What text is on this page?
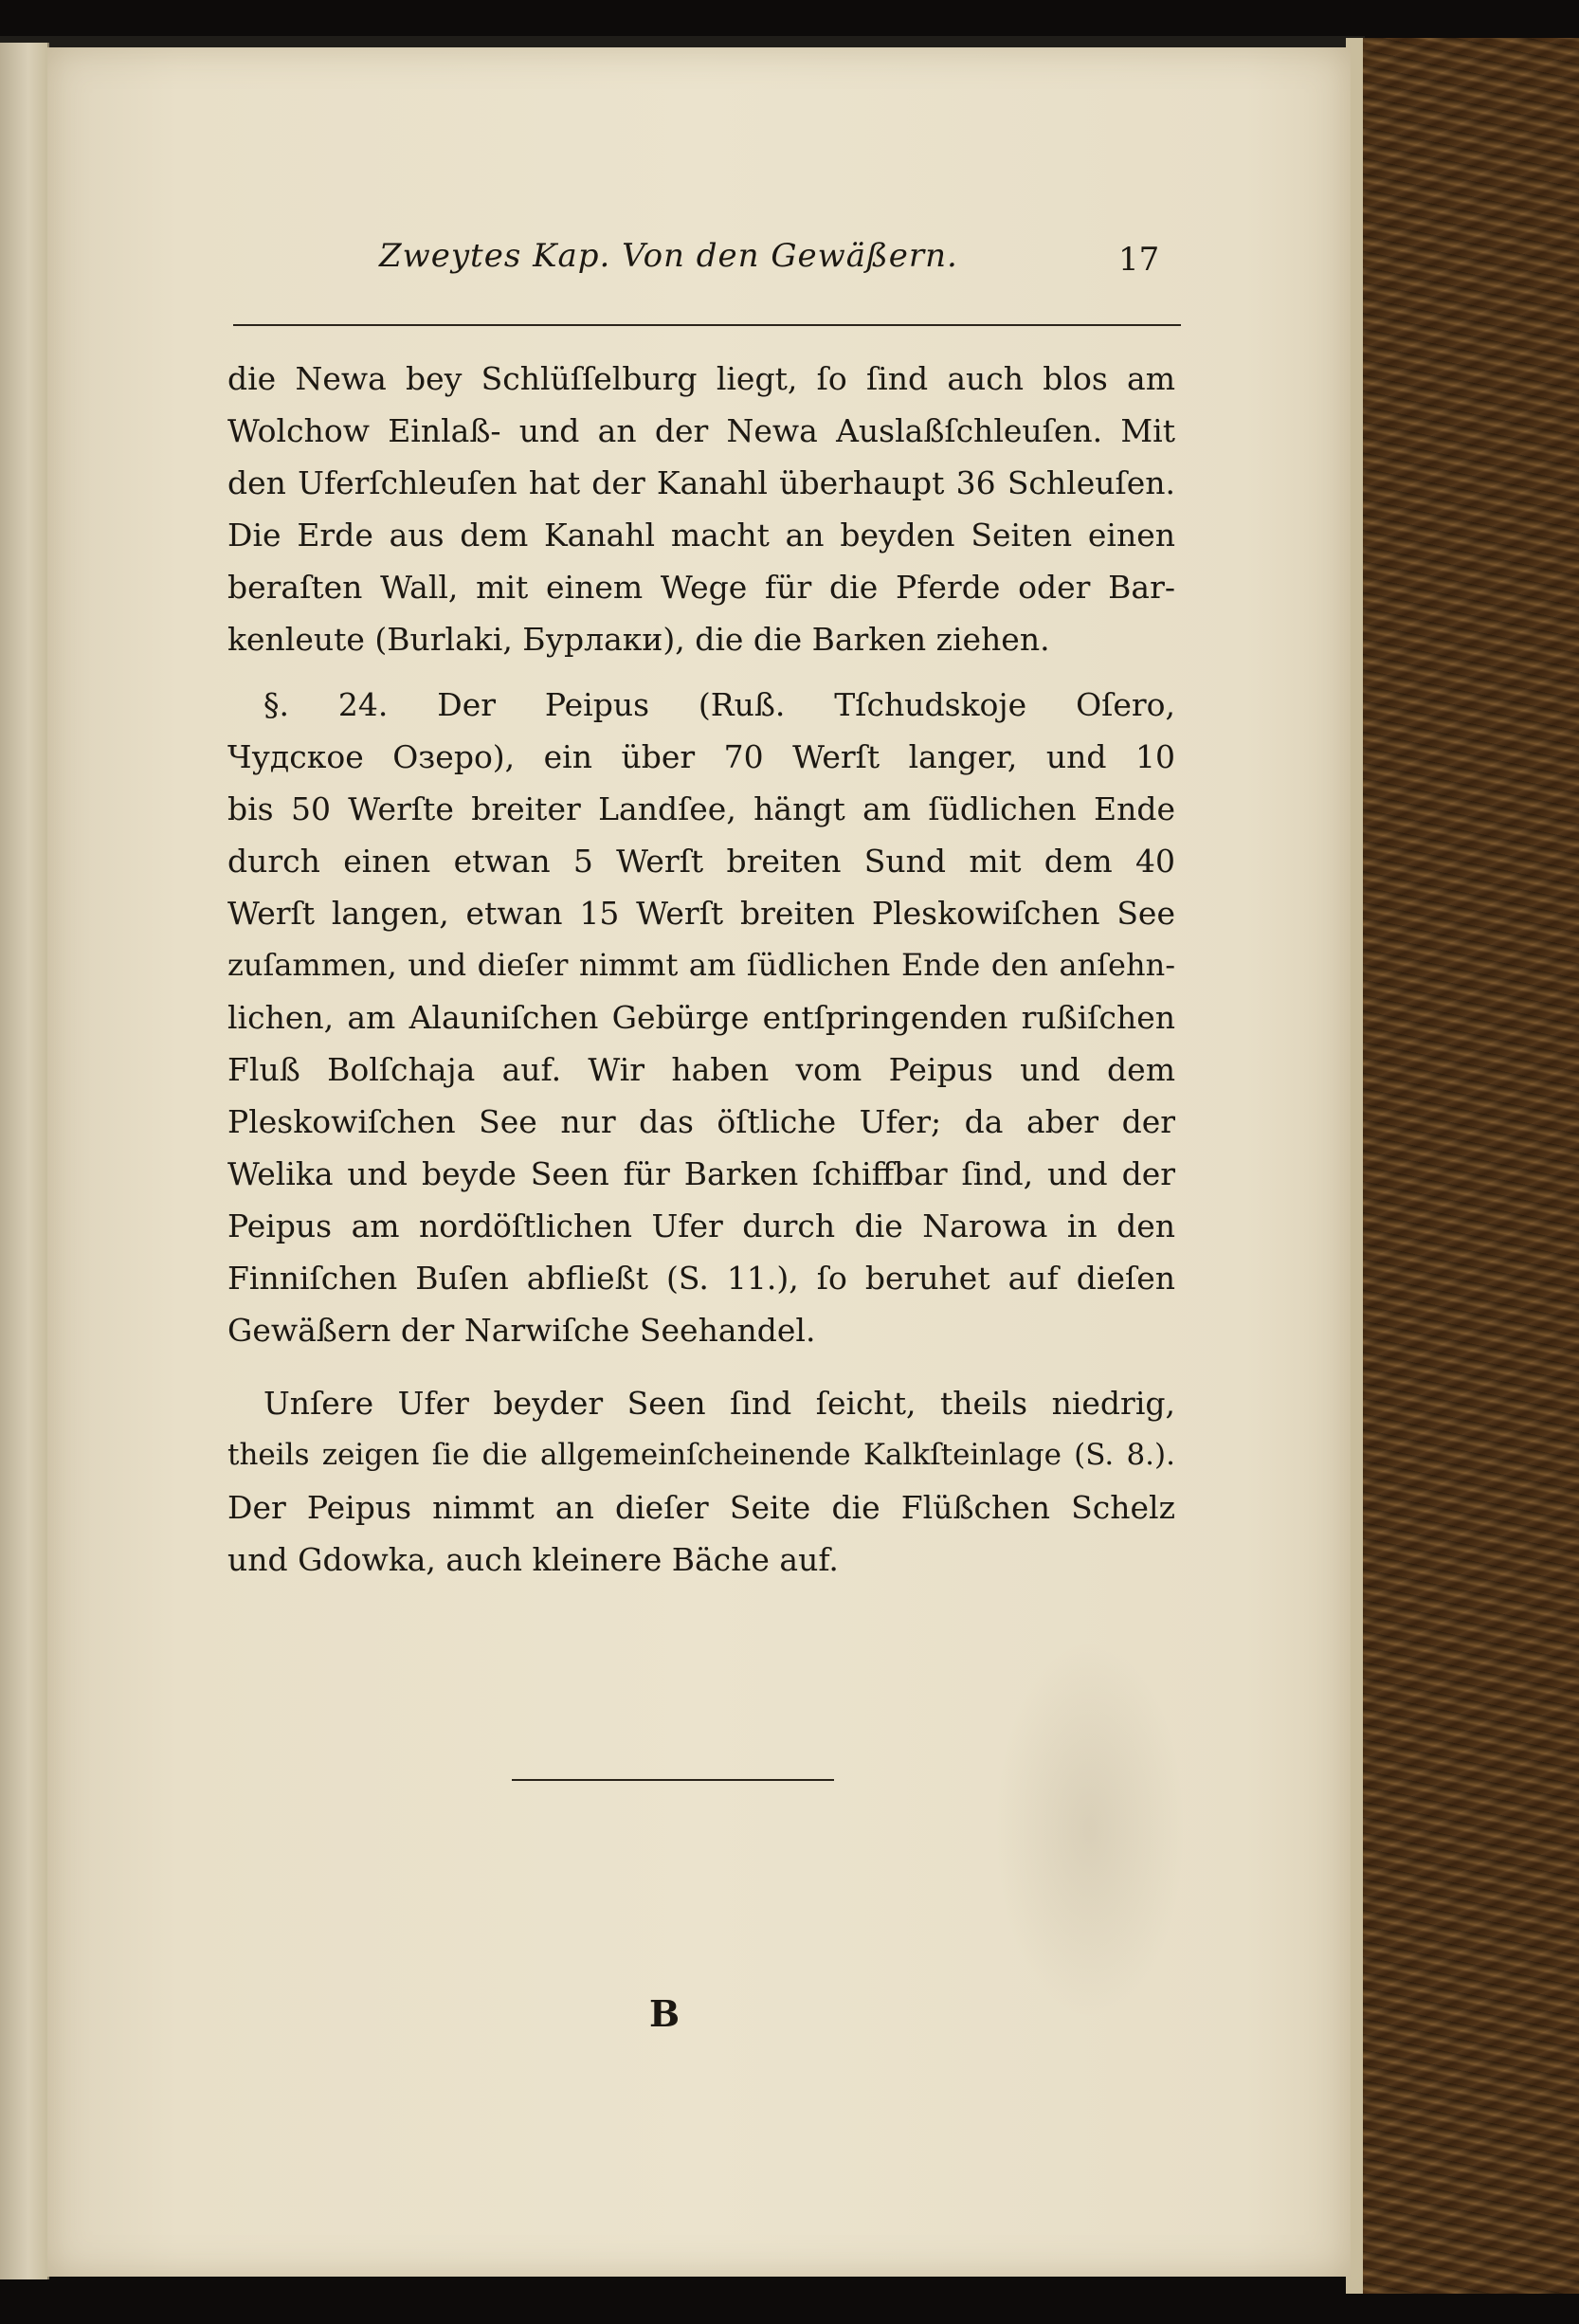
Zweytes Kap. Von den Gewäßern.	17
die Newa bey Schlüſſelburg liegt, ſo ſind auch blos am
Wolchow Einlaß- und an der Newa Auslaßſchleuſen. Mit
den Uferſchleuſen hat der Kanahl überhaupt 36 Schleuſen.
Die Erde aus dem Kanahl macht an beyden Seiten einen
beraſten Wall, mit einem Wege für die Pferde oder Bar-
kenleute (Burlaki, Бурлаки), die die Barken ziehen.
§. 24. Der Peipus (Ruß. Tſchudskoje Oſero,
Чудское Озеро), ein über 70 Werſt langer, und 10
bis 50 Werſte breiter Landſee, hängt am ſüdlichen Ende
durch einen etwan 5 Werſt breiten Sund mit dem 40
Werſt langen, etwan 15 Werſt breiten Pleskowiſchen See
zuſammen, und dieſer nimmt am ſüdlichen Ende den anſehn-
lichen, am Alauniſchen Gebürge entſpringenden rußiſchen
Fluß Bolſchaja auf. Wir haben vom Peipus und dem
Pleskowiſchen See nur das öſtliche Ufer; da aber der
Welika und beyde Seen für Barken ſchiffbar ſind, und der
Peipus am nordöſtlichen Ufer durch die Narowa in den
Finniſchen Buſen abfließt (S. 11.), ſo beruhet auf dieſen
Gewäßern der Narwiſche Seehandel.
Unſere Ufer beyder Seen ſind ſeicht, theils niedrig,
theils zeigen ſie die allgemeinſcheinende Kalkſteinlage (S. 8.).
Der Peipus nimmt an dieſer Seite die Flüßchen Schelz
und Gdowka, auch kleinere Bäche auf.
B
